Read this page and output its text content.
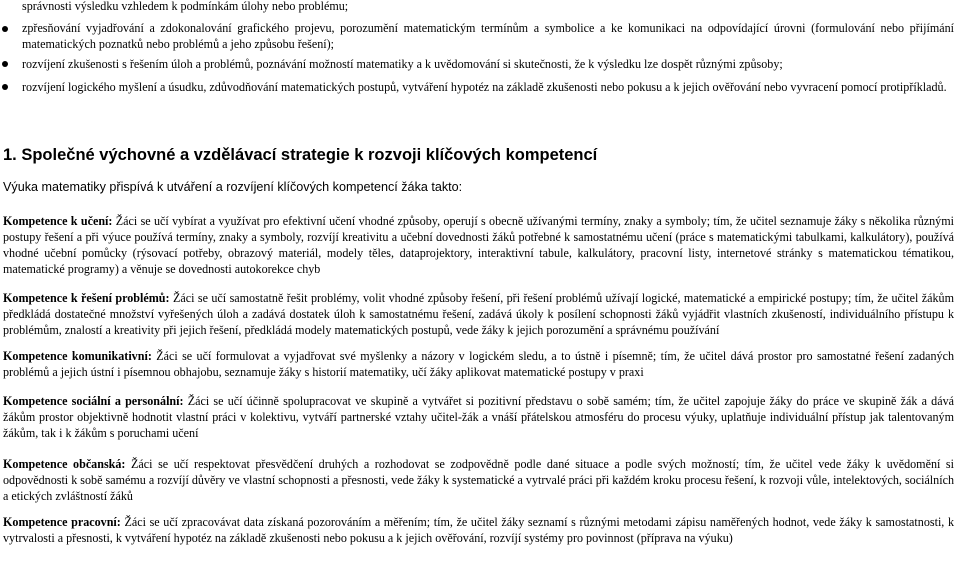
správnosti výsledku vzhledem k podmínkám úlohy nebo problému;

zpřesňování vyjadřování a zdokonalování grafického projevu, porozumění matematickým termínům a symbolice a ke komunikaci na odpovídající úrovni (formulování nebo přijímání matematických poznatků nebo problémů a jeho způsobu řešení);
rozvíjení zkušenosti s řešením úloh a problémů, poznávání možností matematiky a k uvědomování si skutečnosti, že k výsledku lze dospět různými způsoby;
rozvíjení logického myšlení a úsudku, zdůvodňování matematických postupů, vytváření hypotéz na základě zkušenosti nebo pokusu a k jejich ověřování nebo vyvracení pomocí protipříkladů.
1. Společné výchovné a vzdělávací strategie k rozvoji klíčových kompetencí
Výuka matematiky přispívá k utváření a rozvíjení klíčových kompetencí žáka takto:
Kompetence k učení: Žáci se učí vybírat a využívat pro efektivní učení vhodné způsoby, operují s obecně užívanými termíny, znaky a symboly; tím, že učitel seznamuje žáky s několika různými postupy řešení a při výuce používá termíny, znaky a symboly, rozvíjí kreativitu a učební dovednosti žáků potřebné k samostatnému učení (práce s matematickými tabulkami, kalkulátory), používá vhodné učební pomůcky (rýsovací potřeby, obrazový materiál, modely těles, dataprojektory, interaktivní tabule, kalkulátory, pracovní listy, internetové stránky s matematickou tématikou, matematické programy) a věnuje se dovednosti autokorekce chyb
Kompetence k řešení problémů: Žáci se učí samostatně řešit problémy, volit vhodné způsoby řešení, při řešení problémů užívají logické, matematické a empirické postupy; tím, že učitel žákům předkládá dostatečné množství vyřešených úloh a zadává dostatek úloh k samostatnému řešení, zadává úkoly k posílení schopnosti žáků vyjádřit vlastních zkušeností, individuálního přístupu k problémům, znalostí a kreativity při jejich řešení, předkládá modely matematických postupů, vede žáky k jejich porozumění a správnému používání
Kompetence komunikativní: Žáci se učí formulovat a vyjadřovat své myšlenky a názory v logickém sledu, a to ústně i písemně; tím, že učitel dává prostor pro samostatné řešení zadaných problémů a jejich ústní i písemnou obhajobu, seznamuje žáky s historií matematiky, učí žáky aplikovat matematické postupy v praxi
Kompetence sociální a personální: Žáci se učí účinně spolupracovat ve skupině a vytvářet si pozitivní představu o sobě samém; tím, že učitel zapojuje žáky do práce ve skupině žák a dává žákům prostor objektivně hodnotit vlastní práci v kolektivu, vytváří partnerské vztahy učitel-žák a vnáší přátelskou atmosféru do procesu výuky, uplatňuje individuální přístup jak talentovaným žákům, tak i k žákům s poruchami učení
Kompetence občanská: Žáci se učí respektovat přesvědčení druhých a rozhodovat se zodpovědně podle dané situace a podle svých možností; tím, že učitel vede žáky k uvědomění si odpovědnosti k sobě samému a rozvíjí důvěry ve vlastní schopnosti a přesnosti, vede žáky k systematické a vytrvalé práci při každém kroku procesu řešení, k rozvoji vůle, intelektových, sociálních a etických zvláštností žáků
Kompetence pracovní: Žáci se učí zpracovávat data získaná pozorováním a měřením; tím, že učitel žáky seznamí s různými metodami zápisu naměřených hodnot, vede žáky k samostatnosti, k vytrvalosti a přesnosti, k vytváření hypotéz na základě zkušenosti nebo pokusu a k jejich ověřování, rozvíjí systémy pro povinnost (příprava na výuku)
